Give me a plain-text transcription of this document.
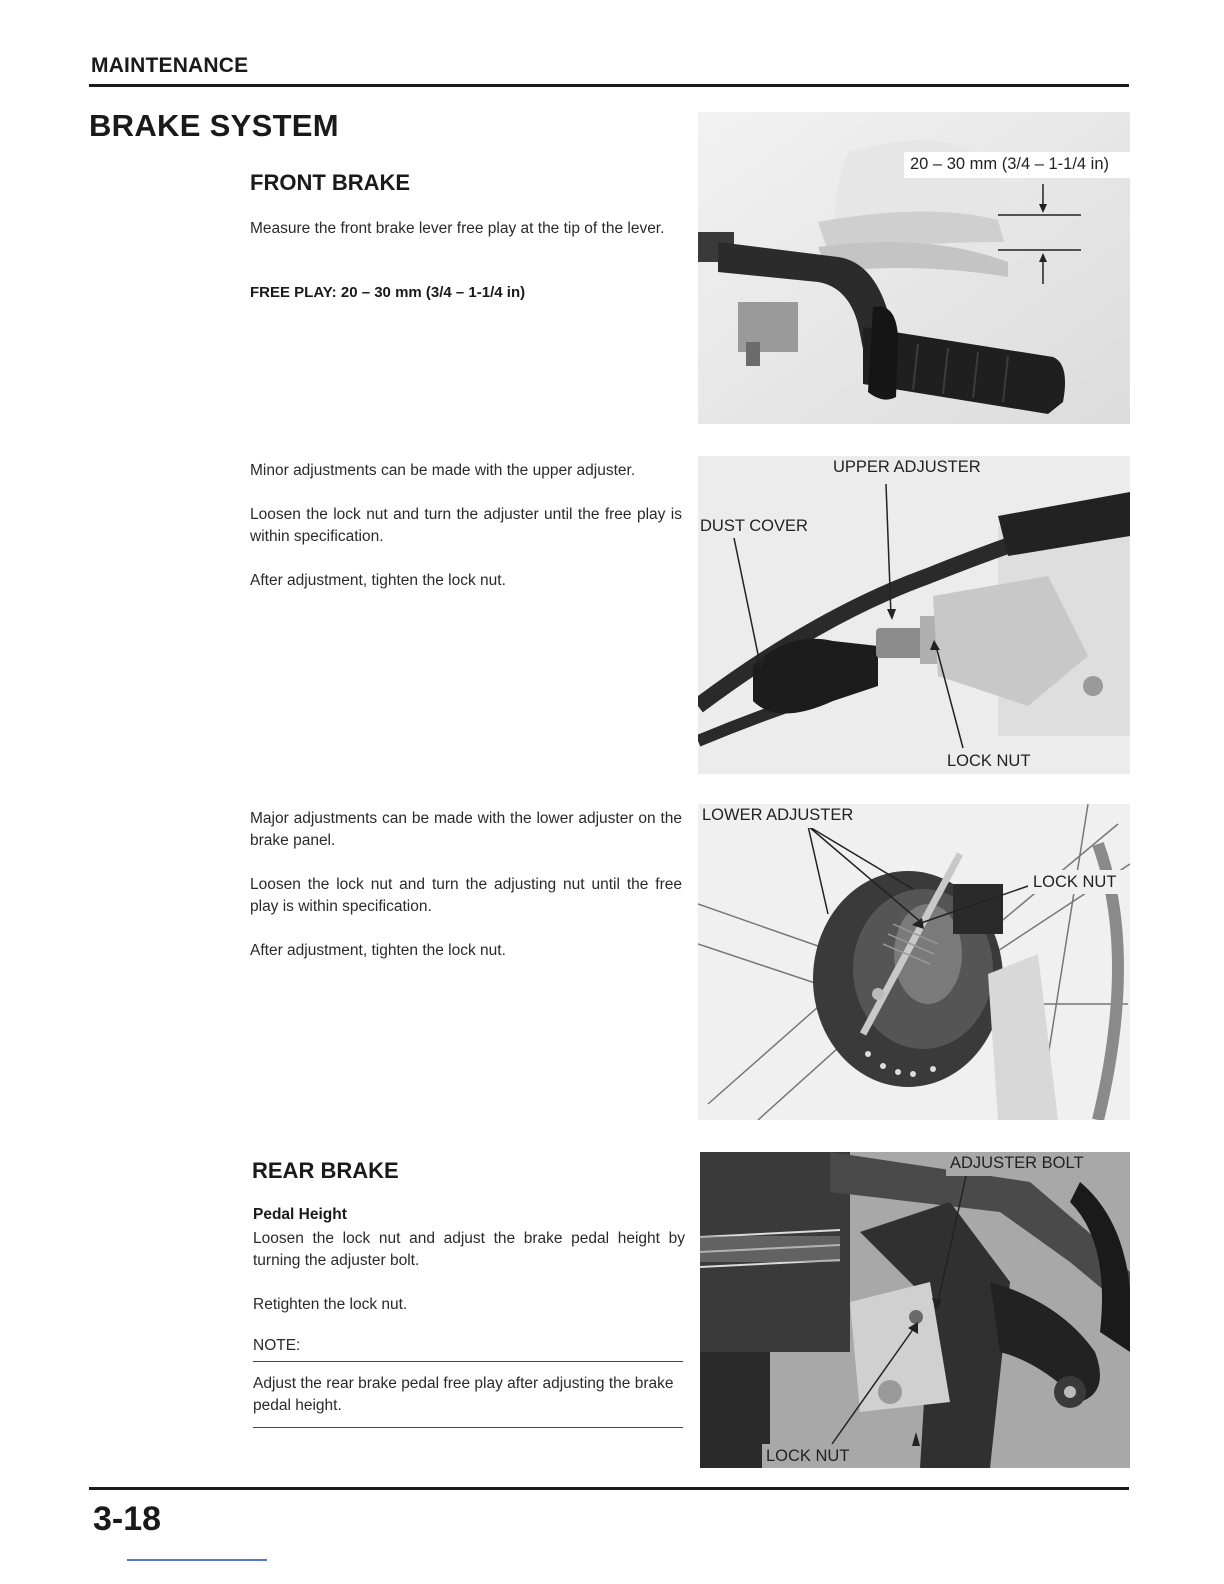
MAINTENANCE
BRAKE SYSTEM
FRONT BRAKE
Measure the front brake lever free play at the tip of the lever.
FREE PLAY: 20 – 30 mm (3/4 – 1-1/4 in)
Minor adjustments can be made with the upper adjuster.
Loosen the lock nut and turn the adjuster until the free play is within specification.
After adjustment, tighten the lock nut.
Major adjustments can be made with the lower adjuster on the brake panel.
Loosen the lock nut and turn the adjusting nut until the free play is within specification.
After adjustment, tighten the lock nut.
REAR BRAKE
Pedal Height
Loosen the lock nut and adjust the brake pedal height by turning the adjuster bolt.
Retighten the lock nut.
NOTE:
Adjust the rear brake pedal free play after adjusting the brake pedal height.
20 – 30 mm (3/4 – 1-1/4 in)
UPPER ADJUSTER
DUST COVER
LOCK NUT
LOWER ADJUSTER
LOCK NUT
ADJUSTER BOLT
LOCK NUT
3-18
